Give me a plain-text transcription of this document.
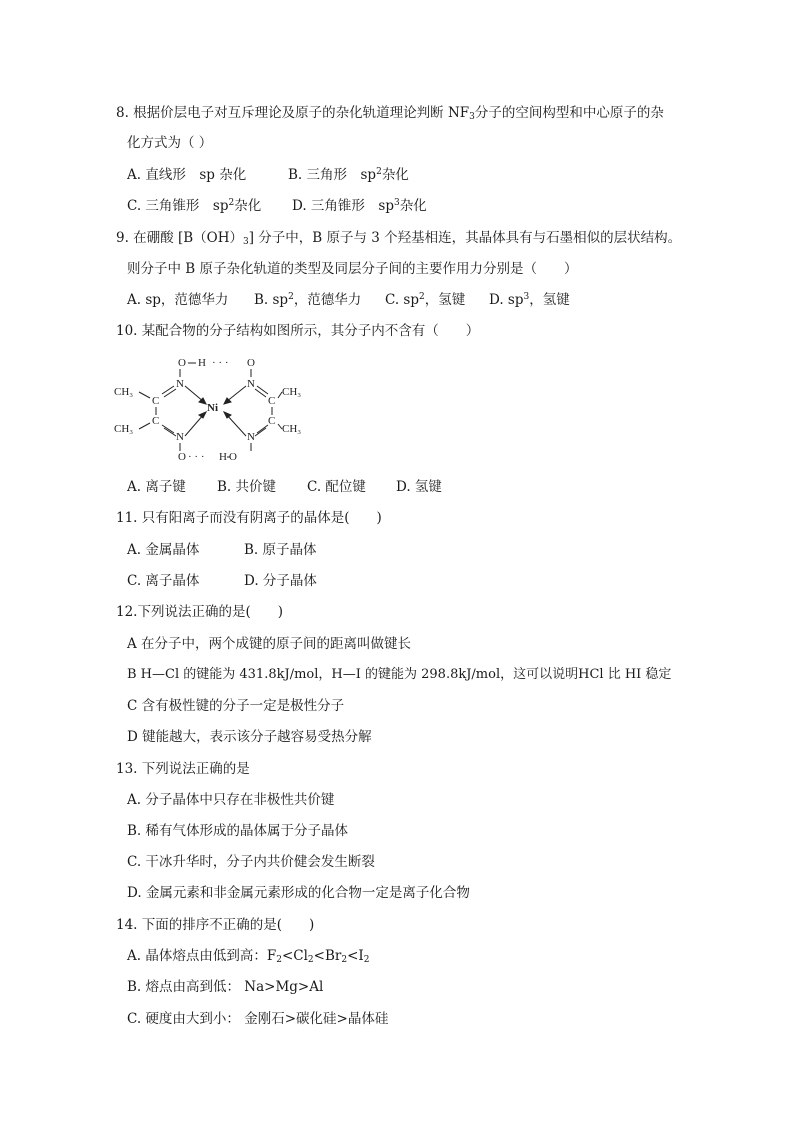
8. 根据价层电子对互斥理论及原子的杂化轨道理论判断 $NF_3$分子的空间构型和中心原子的杂
化方式为（ ）
A. 直线形　sp 杂化	B. 三角形　$sp^2$杂化
C. 三角锥形　$sp^2$杂化 D. 三角锥形　$sp^3$杂化
9. 在硼酸 $[B(OH)_3]$ 分子中，B 原子与 3 个羟基相连，其晶体具有与石墨相似的层状结构。
则分子中 B 原子杂化轨道的类型及同层分子间的主要作用力分别是（　　）
A. sp，范德华力 B. $sp^2$，范德华力 C. $sp^2$，氢键 D. $sp^3$，氢键
10. 某配合物的分子结构如图所示，其分子内不含有（　　）
O H · · · O
N	N
CH₃
C	C
CH₃
Ni
C	C
CH₃	CH₃
N	N
O · · · H O
A. 离子键 B. 共价键 C. 配位键 D. 氢键
11. 只有阳离子而没有阴离子的晶体是(　　)
A. 金属晶体	B. 原子晶体
C. 离子晶体	D. 分子晶体
12.下列说法正确的是(　　)
A 在分子中，两个成键的原子间的距离叫做键长
B H—Cl 的键能为 431.8kJ/mol，H—I 的键能为 298.8kJ/mol，这可以说明HCl 比 HI 稳定
C 含有极性键的分子一定是极性分子
D 键能越大，表示该分子越容易受热分解
13. 下列说法正确的是
A. 分子晶体中只存在非极性共价键
B. 稀有气体形成的晶体属于分子晶体
C. 干冰升华时，分子内共价健会发生断裂
D. 金属元素和非金属元素形成的化合物一定是离子化合物
14. 下面的排序不正确的是(　　)
A. 晶体熔点由低到高：$F_2<Cl_2<Br_2<I_2$
B. 熔点由高到低： Na>Mg>Al
C. 硬度由大到小： 金刚石>碳化硅>晶体硅
